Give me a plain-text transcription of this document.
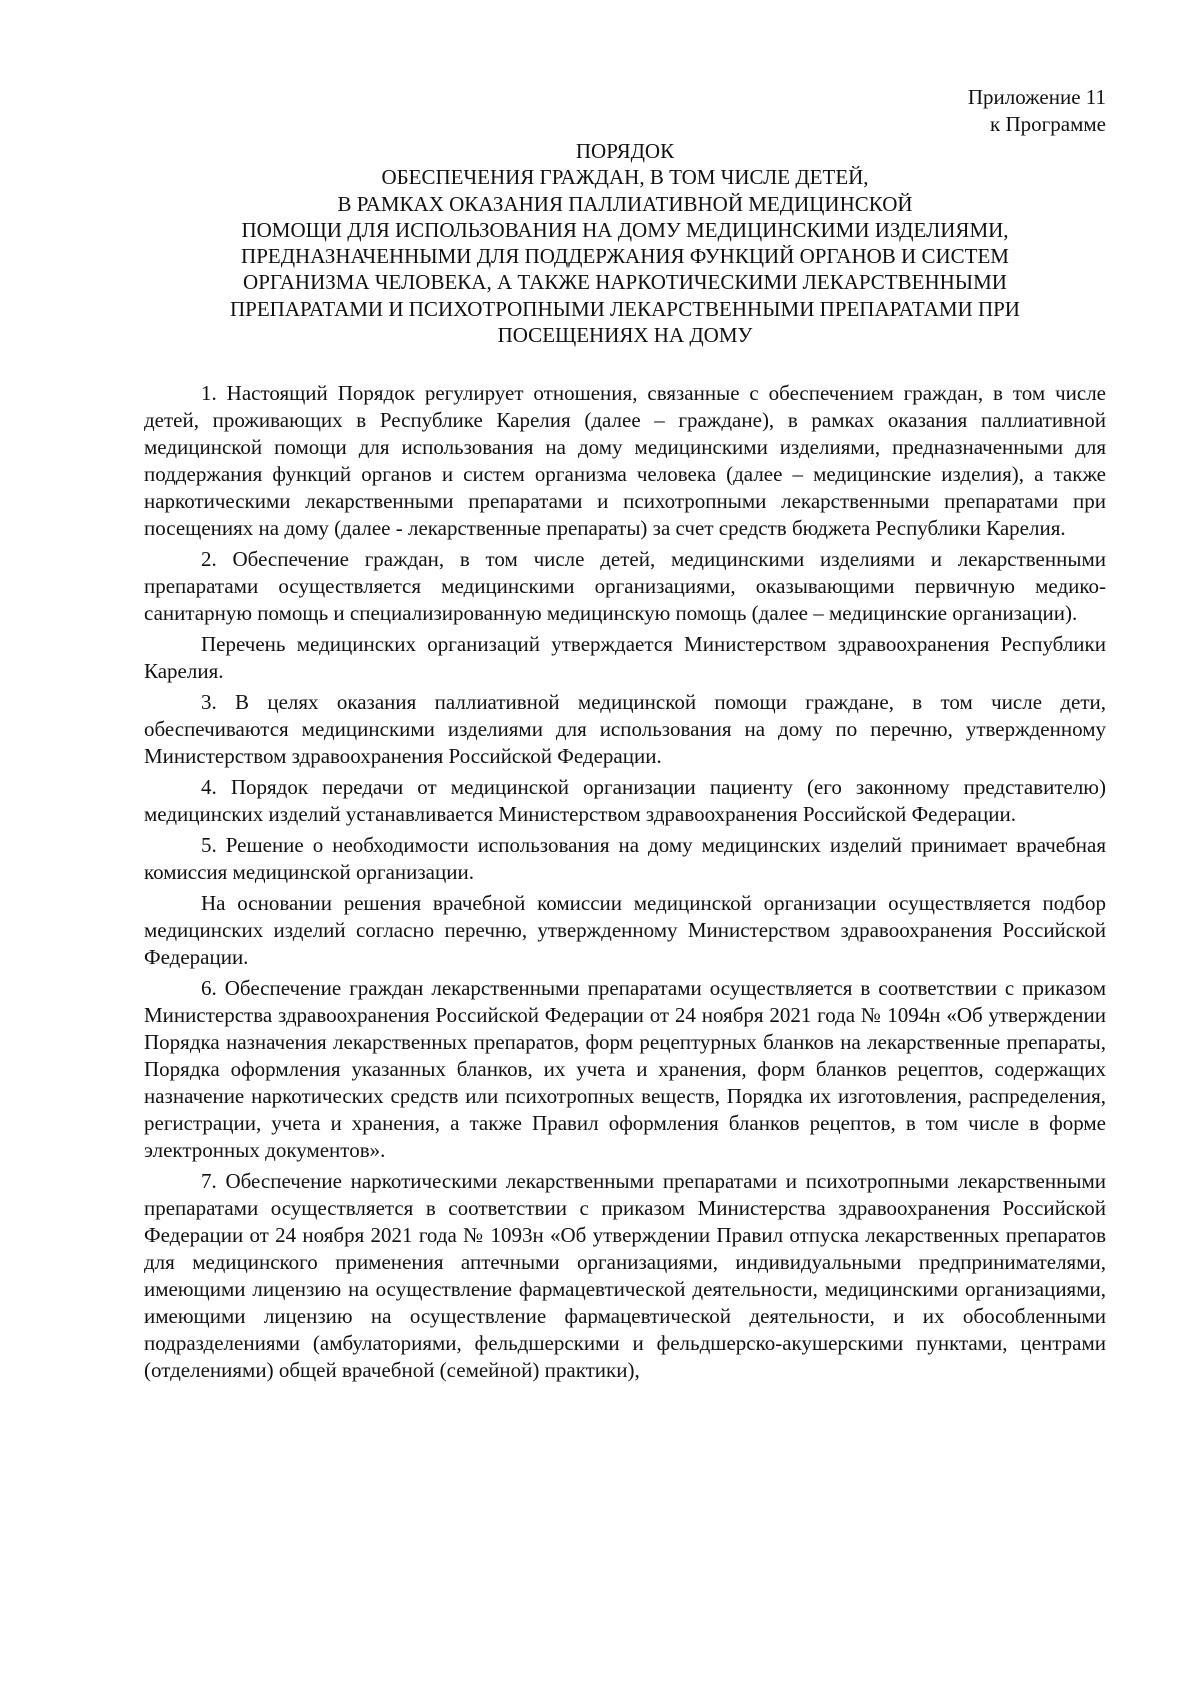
Приложение 11
к Программе
ПОРЯДОК
ОБЕСПЕЧЕНИЯ ГРАЖДАН, В ТОМ ЧИСЛЕ ДЕТЕЙ,
В РАМКАХ ОКАЗАНИЯ ПАЛЛИАТИВНОЙ МЕДИЦИНСКОЙ
ПОМОЩИ ДЛЯ ИСПОЛЬЗОВАНИЯ НА ДОМУ МЕДИЦИНСКИМИ ИЗДЕЛИЯМИ,
ПРЕДНАЗНАЧЕННЫМИ ДЛЯ ПОДДЕРЖАНИЯ ФУНКЦИЙ ОРГАНОВ И СИСТЕМ
ОРГАНИЗМА ЧЕЛОВЕКА, А ТАКЖЕ НАРКОТИЧЕСКИМИ ЛЕКАРСТВЕННЫМИ
ПРЕПАРАТАМИ И ПСИХОТРОПНЫМИ ЛЕКАРСТВЕННЫМИ ПРЕПАРАТАМИ ПРИ
ПОСЕЩЕНИЯХ НА ДОМУ

1. Настоящий Порядок регулирует отношения, связанные с обеспечением граждан, в том числе детей, проживающих в Республике Карелия (далее – граждане), в рамках оказания паллиативной медицинской помощи для использования на дому медицинскими изделиями, предназначенными для поддержания функций органов и систем организма человека (далее – медицинские изделия), а также наркотическими лекарственными препаратами и психотропными лекарственными препаратами при посещениях на дому (далее - лекарственные препараты) за счет средств бюджета Республики Карелия.

2. Обеспечение граждан, в том числе детей, медицинскими изделиями и лекарственными препаратами осуществляется медицинскими организациями, оказывающими первичную медико-санитарную помощь и специализированную медицинскую помощь (далее – медицинские организации).

Перечень медицинских организаций утверждается Министерством здравоохранения Республики Карелия.

3. В целях оказания паллиативной медицинской помощи граждане, в том числе дети, обеспечиваются медицинскими изделиями для использования на дому по перечню, утвержденному Министерством здравоохранения Российской Федерации.

4. Порядок передачи от медицинской организации пациенту (его законному представителю) медицинских изделий устанавливается Министерством здравоохранения Российской Федерации.

5. Решение о необходимости использования на дому медицинских изделий принимает врачебная комиссия медицинской организации.

На основании решения врачебной комиссии медицинской организации осуществляется подбор медицинских изделий согласно перечню, утвержденному Министерством здравоохранения Российской Федерации.

6. Обеспечение граждан лекарственными препаратами осуществляется в соответствии с приказом Министерства здравоохранения Российской Федерации от 24 ноября 2021 года № 1094н «Об утверждении Порядка назначения лекарственных препаратов, форм рецептурных бланков на лекарственные препараты, Порядка оформления указанных бланков, их учета и хранения, форм бланков рецептов, содержащих назначение наркотических средств или психотропных веществ, Порядка их изготовления, распределения, регистрации, учета и хранения, а также Правил оформления бланков рецептов, в том числе в форме электронных документов».

7. Обеспечение наркотическими лекарственными препаратами и психотропными лекарственными препаратами осуществляется в соответствии с приказом Министерства здравоохранения Российской Федерации от 24 ноября 2021 года № 1093н «Об утверждении Правил отпуска лекарственных препаратов для медицинского применения аптечными организациями, индивидуальными предпринимателями, имеющими лицензию на осуществление фармацевтической деятельности, медицинскими организациями, имеющими лицензию на осуществление фармацевтической деятельности, и их обособленными подразделениями (амбулаториями, фельдшерскими и фельдшерско-акушерскими пунктами, центрами (отделениями) общей врачебной (семейной) практики),
